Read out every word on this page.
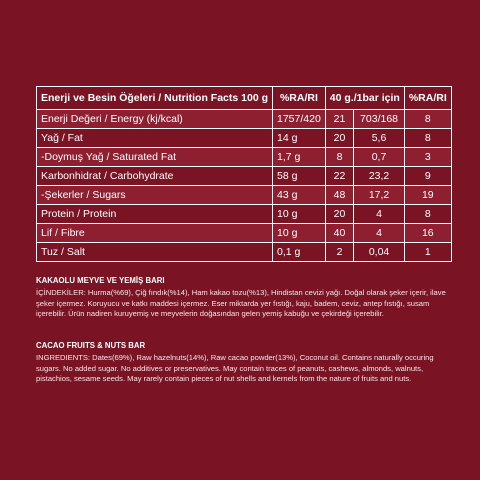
Enerji ve Besin Öğeleri / Nutrition Facts 100 g	%RA/RI	40 g./1bar için		%RA/RI
Enerji Değeri / Energy (kj/kcal)	1757/420	21	703/168	8
Yağ / Fat	14 g	20	5,6	8
-Doymuş Yağ / Saturated Fat	1,7 g	8	0,7	3
Karbonhidrat / Carbohydrate	58 g	22	23,2	9
-Şekerler / Sugars	43 g	48	17,2	19
Protein / Protein	10 g	20	4	8
Lif / Fibre	10 g	40	4	16
Tuz / Salt	0,1 g	2	0,04	1
KAKAOLU MEYVE VE YEMİŞ BARI
İÇİNDEKİLER: Hurma(%69), Çiğ fındık(%14), Ham kakao tozu(%13), Hindistan cevizi yağı. Doğal olarak şeker içerir, ilave şeker içermez. Koruyucu ve katkı maddesi içermez. Eser miktarda yer fıstığı, kaju, badem, ceviz, antep fıstığı, susam içerebilir. Ürün nadiren kuruyemiş ve meyvelerin doğasından gelen yemiş kabuğu ve çekirdeği içerebilir.
CACAO FRUITS & NUTS BAR
INGREDIENTS: Dates(69%), Raw hazelnuts(14%), Raw cacao powder(13%), Coconut oil. Contains naturally occuring sugars. No added sugar. No additives or preservatives. May contain traces of peanuts, cashews, almonds, walnuts, pistachios, sesame seeds. May rarely contain pieces of nut shells and kernels from the nature of fruits and nuts.
